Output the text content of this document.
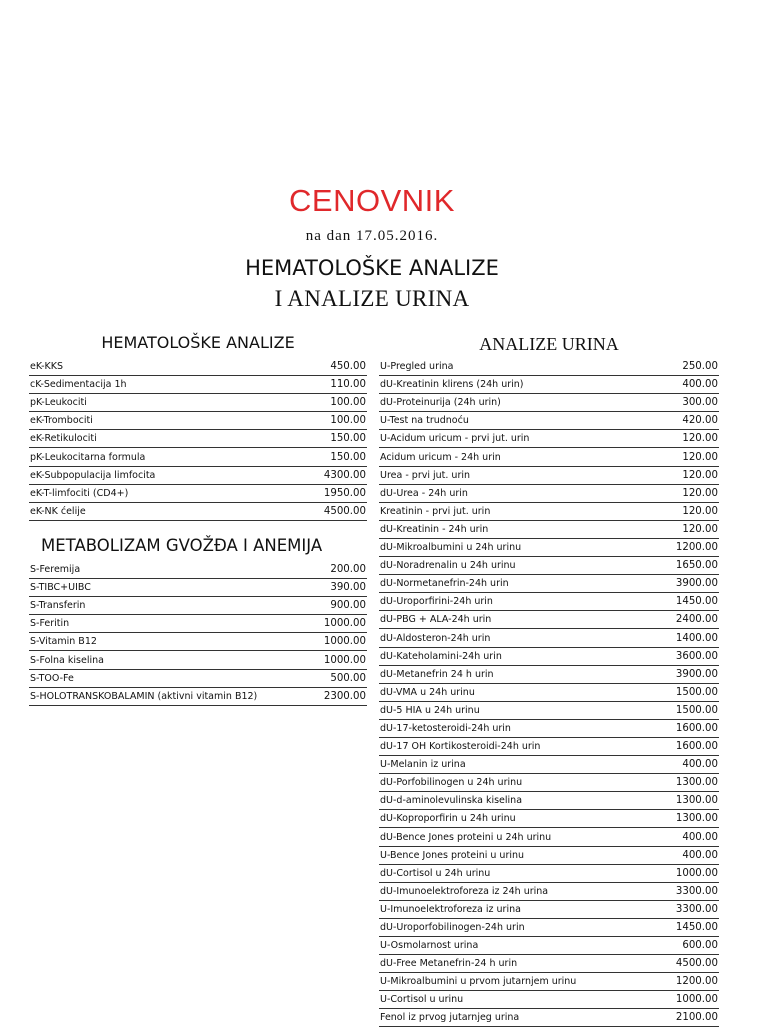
CENOVNIK
na dan 17.05.2016.
HEMATOLOŠKE ANALIZE
I ANALIZE URINA
HEMATOLOŠKE ANALIZE
eK-KKS	450.00
cK-Sedimentacija 1h	110.00
pK-Leukociti	100.00
eK-Trombociti	100.00
eK-Retikulociti	150.00
pK-Leukocitarna formula	150.00
eK-Subpopulacija limfocita	4300.00
eK-T-limfociti (CD4+)	1950.00
eK-NK ćelije	4500.00
METABOLIZAM GVOŽĐA I ANEMIJA
S-Feremija	200.00
S-TIBC+UIBC	390.00
S-Transferin	900.00
S-Feritin	1000.00
S-Vitamin B12	1000.00
S-Folna kiselina	1000.00
S-TOO-Fe	500.00
S-HOLOTRANSKOBALAMIN (aktivni vitamin B12)	2300.00
ANALIZE URINA
U-Pregled urina	250.00
dU-Kreatinin klirens (24h urin)	400.00
dU-Proteinurija (24h urin)	300.00
U-Test na trudnoću	420.00
U-Acidum uricum - prvi jut. urin	120.00
Acidum uricum - 24h urin	120.00
Urea - prvi jut. urin	120.00
dU-Urea - 24h urin	120.00
Kreatinin - prvi jut. urin	120.00
dU-Kreatinin - 24h urin	120.00
dU-Mikroalbumini u 24h urinu	1200.00
dU-Noradrenalin u 24h urinu	1650.00
dU-Normetanefrin-24h urin	3900.00
dU-Uroporfirini-24h urin	1450.00
dU-PBG + ALA-24h urin	2400.00
dU-Aldosteron-24h urin	1400.00
dU-Kateholamini-24h urin	3600.00
dU-Metanefrin 24 h urin	3900.00
dU-VMA u 24h urinu	1500.00
dU-5 HIA u 24h urinu	1500.00
dU-17-ketosteroidi-24h urin	1600.00
dU-17 OH Kortikosteroidi-24h urin	1600.00
U-Melanin iz urina	400.00
dU-Porfobilinogen u 24h urinu	1300.00
dU-d-aminolevulinska kiselina	1300.00
dU-Koproporfirin u 24h urinu	1300.00
dU-Bence Jones proteini u 24h urinu	400.00
U-Bence Jones proteini u urinu	400.00
dU-Cortisol u 24h urinu	1000.00
dU-Imunoelektroforeza iz 24h urina	3300.00
U-Imunoelektroforeza iz urina	3300.00
dU-Uroporfobilinogen-24h urin	1450.00
U-Osmolarnost urina	600.00
dU-Free Metanefrin-24 h urin	4500.00
U-Mikroalbumini u prvom jutarnjem urinu	1200.00
U-Cortisol u urinu	1000.00
Fenol iz prvog jutarnjeg urina	2100.00
